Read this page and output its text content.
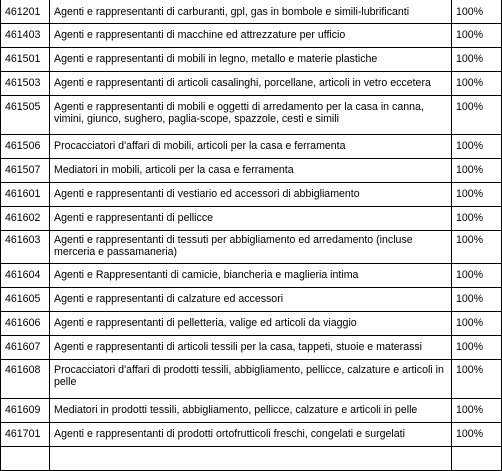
461201	Agenti e rappresentanti di carburanti, gpl, gas in bombole e simili-lubrificanti	100%

461403	Agenti e rappresentanti di macchine ed attrezzature per ufficio	100%

461501	Agenti e rappresentanti di mobili in legno, metallo e materie plastiche	100%

461503	Agenti e rappresentanti di articoli casalinghi, porcellane, articoli in vetro eccetera	100%

461505	Agenti e rappresentanti di mobili e oggetti di arredamento per la casa in canna, vimini, giunco, sughero, paglia-scope, spazzole, cesti e simili	100%

461506	Procacciatori d'affari di mobili, articoli per la casa e ferramenta	100%

461507	Mediatori in mobili, articoli per la casa e ferramenta	100%

461601	Agenti e rappresentanti di vestiario ed accessori di abbigliamento	100%

461602	Agenti e rappresentanti di pellicce	100%

461603	Agenti e rappresentanti di tessuti per abbigliamento ed arredamento (incluse merceria e passamaneria)	100%

461604	Agenti e Rappresentanti di camicie, biancheria e maglieria intima	100%

461605	Agenti e rappresentanti di calzature ed accessori	100%

461606	Agenti e rappresentanti di pelletteria, valige ed articoli da viaggio	100%

461607	Agenti e rappresentanti di articoli tessili per la casa, tappeti, stuoie e materassi	100%

461608	Procacciatori d'affari di prodotti tessili, abbigliamento, pellicce, calzature e articoli in pelle	100%

461609	Mediatori in prodotti tessili, abbigliamento, pellicce, calzature e articoli in pelle	100%

461701	Agenti e rappresentanti di prodotti ortofrutticoli freschi, congelati e surgelati	100%
